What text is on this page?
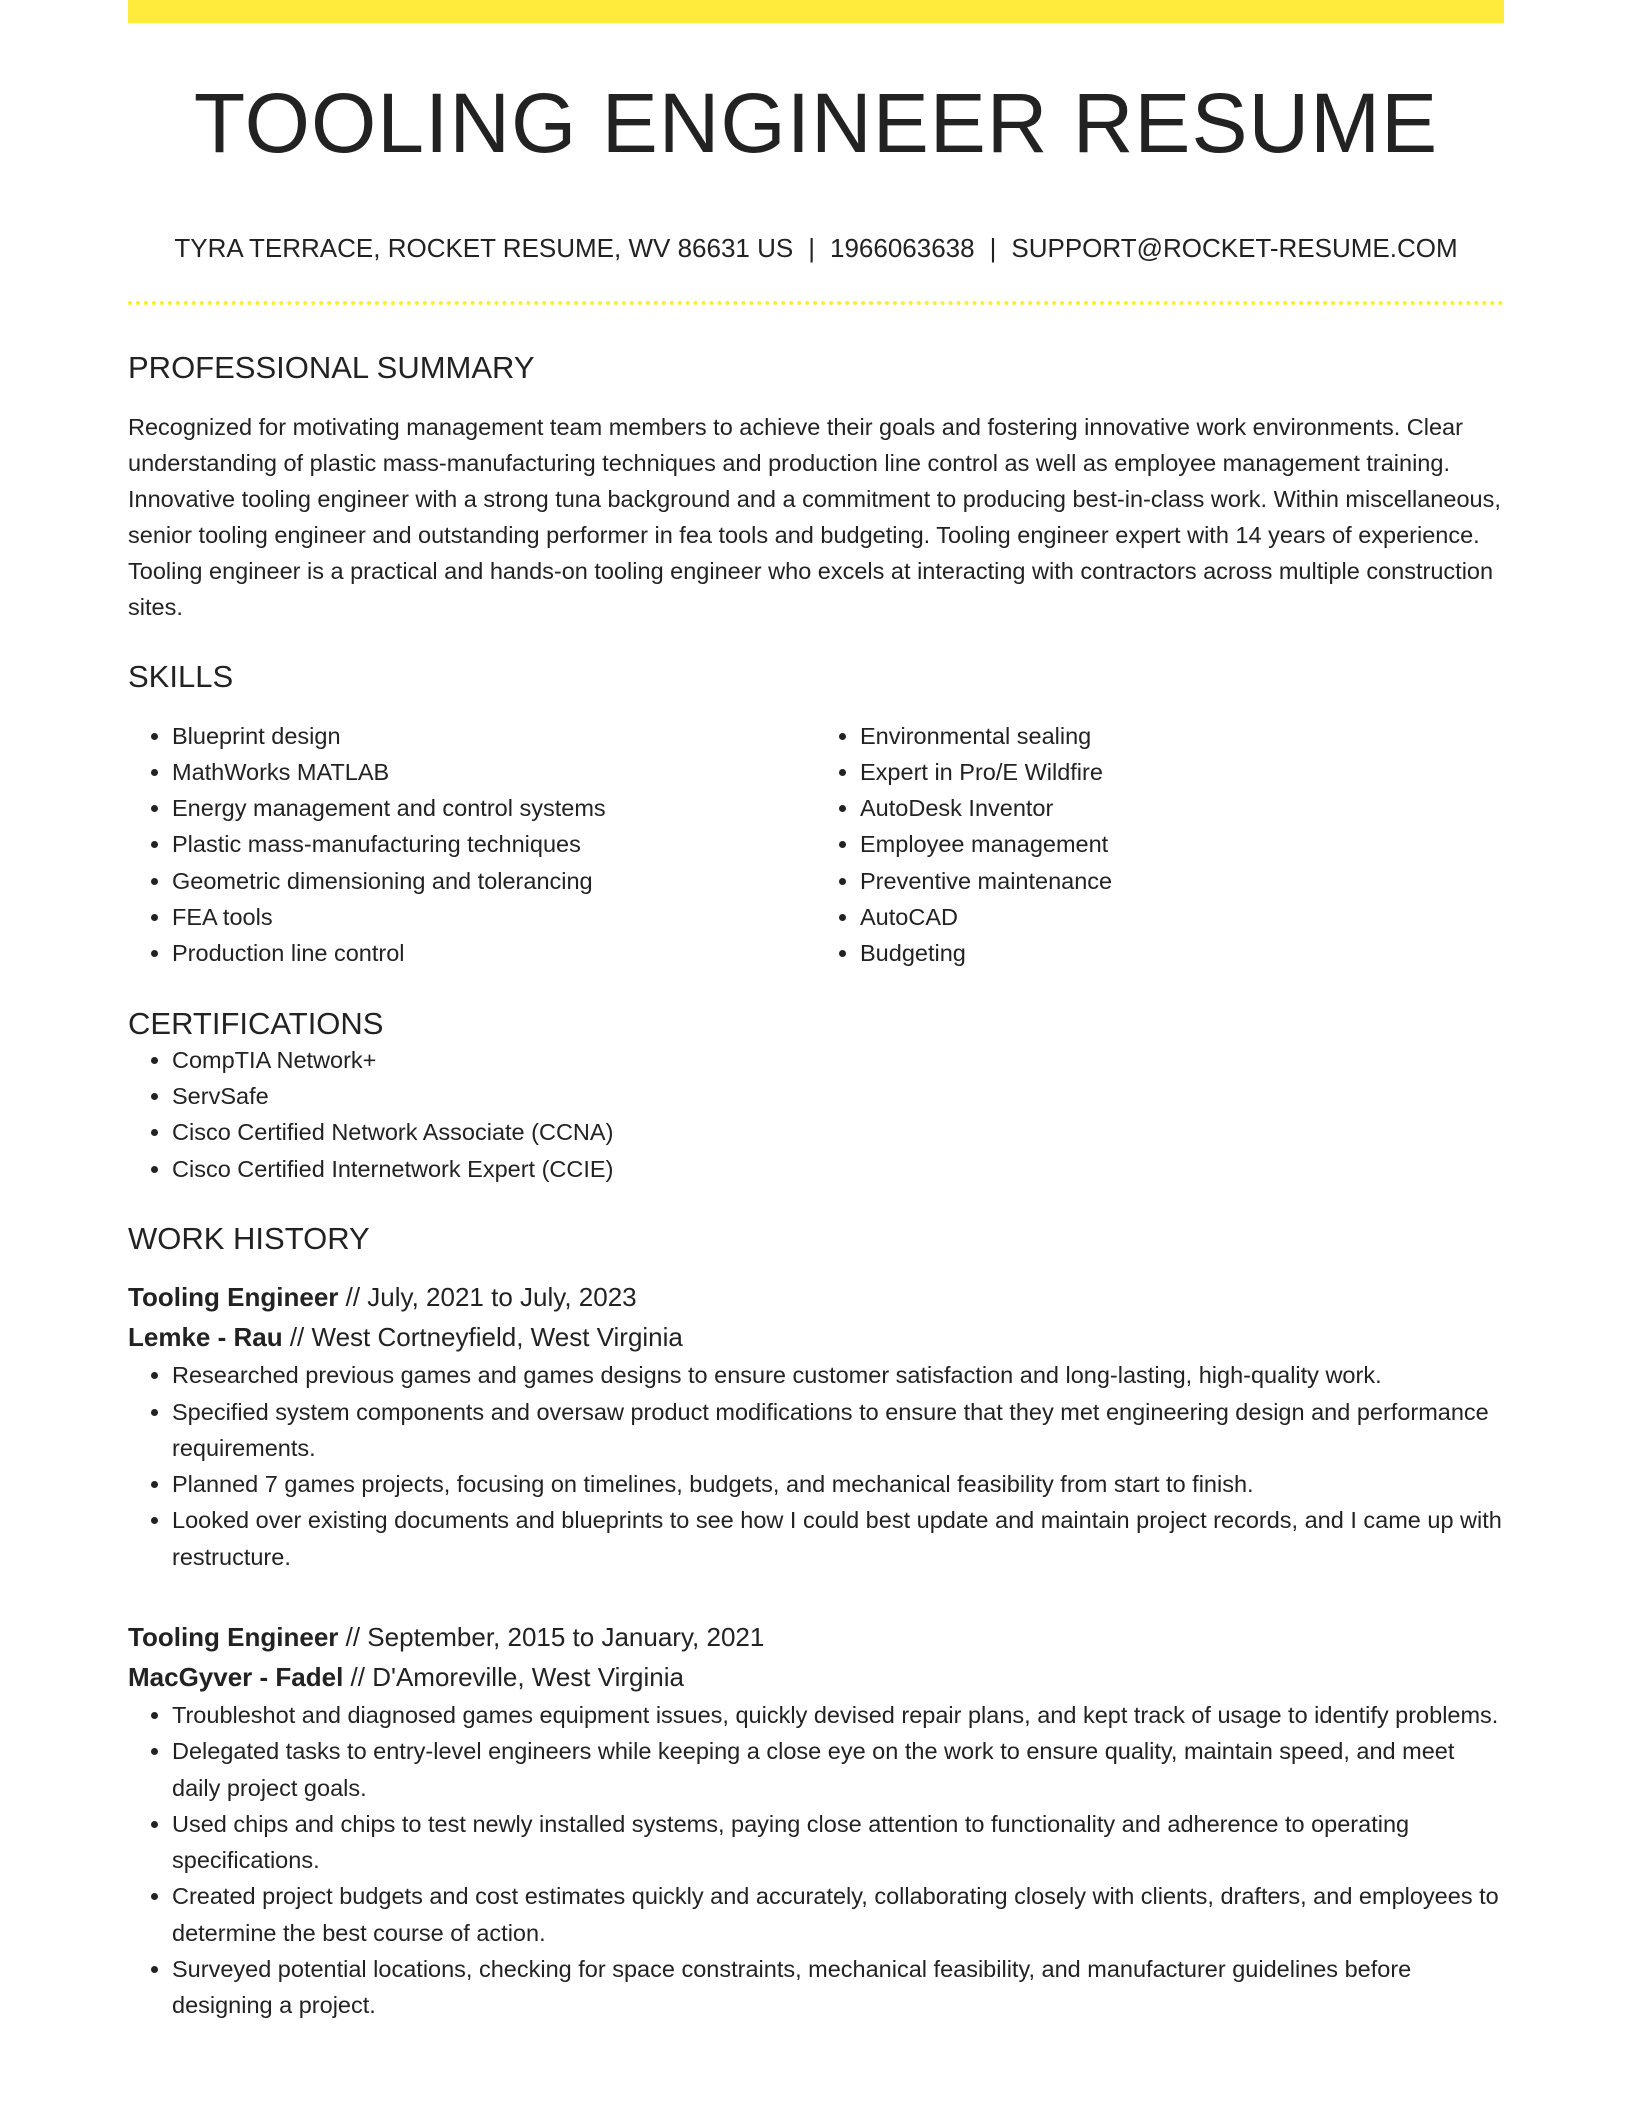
TOOLING ENGINEER RESUME
TYRA TERRACE, ROCKET RESUME, WV 86631 US | 1966063638 | SUPPORT@ROCKET-RESUME.COM
PROFESSIONAL SUMMARY

Recognized for motivating management team members to achieve their goals and fostering innovative work environments. Clear understanding of plastic mass-manufacturing techniques and production line control as well as employee management training. Innovative tooling engineer with a strong tuna background and a commitment to producing best-in-class work. Within miscellaneous, senior tooling engineer and outstanding performer in fea tools and budgeting. Tooling engineer expert with 14 years of experience. Tooling engineer is a practical and hands-on tooling engineer who excels at interacting with contractors across multiple construction sites.

SKILLS
• Blueprint design
• MathWorks MATLAB
• Energy management and control systems
• Plastic mass-manufacturing techniques
• Geometric dimensioning and tolerancing
• FEA tools
• Production line control
• Environmental sealing
• Expert in Pro/E Wildfire
• AutoDesk Inventor
• Employee management
• Preventive maintenance
• AutoCAD
• Budgeting
CERTIFICATIONS
• CompTIA Network+
• ServSafe
• Cisco Certified Network Associate (CCNA)
• Cisco Certified Internetwork Expert (CCIE)
WORK HISTORY
Tooling Engineer // July, 2021 to July, 2023
Lemke - Rau // West Cortneyfield, West Virginia
• Researched previous games and games designs to ensure customer satisfaction and long-lasting, high-quality work.
• Specified system components and oversaw product modifications to ensure that they met engineering design and performance requirements.
• Planned 7 games projects, focusing on timelines, budgets, and mechanical feasibility from start to finish.
• Looked over existing documents and blueprints to see how I could best update and maintain project records, and I came up with restructure.
Tooling Engineer // September, 2015 to January, 2021
MacGyver - Fadel // D'Amoreville, West Virginia
• Troubleshot and diagnosed games equipment issues, quickly devised repair plans, and kept track of usage to identify problems.
• Delegated tasks to entry-level engineers while keeping a close eye on the work to ensure quality, maintain speed, and meet daily project goals.
• Used chips and chips to test newly installed systems, paying close attention to functionality and adherence to operating specifications.
• Created project budgets and cost estimates quickly and accurately, collaborating closely with clients, drafters, and employees to determine the best course of action.
• Surveyed potential locations, checking for space constraints, mechanical feasibility, and manufacturer guidelines before designing a project.
